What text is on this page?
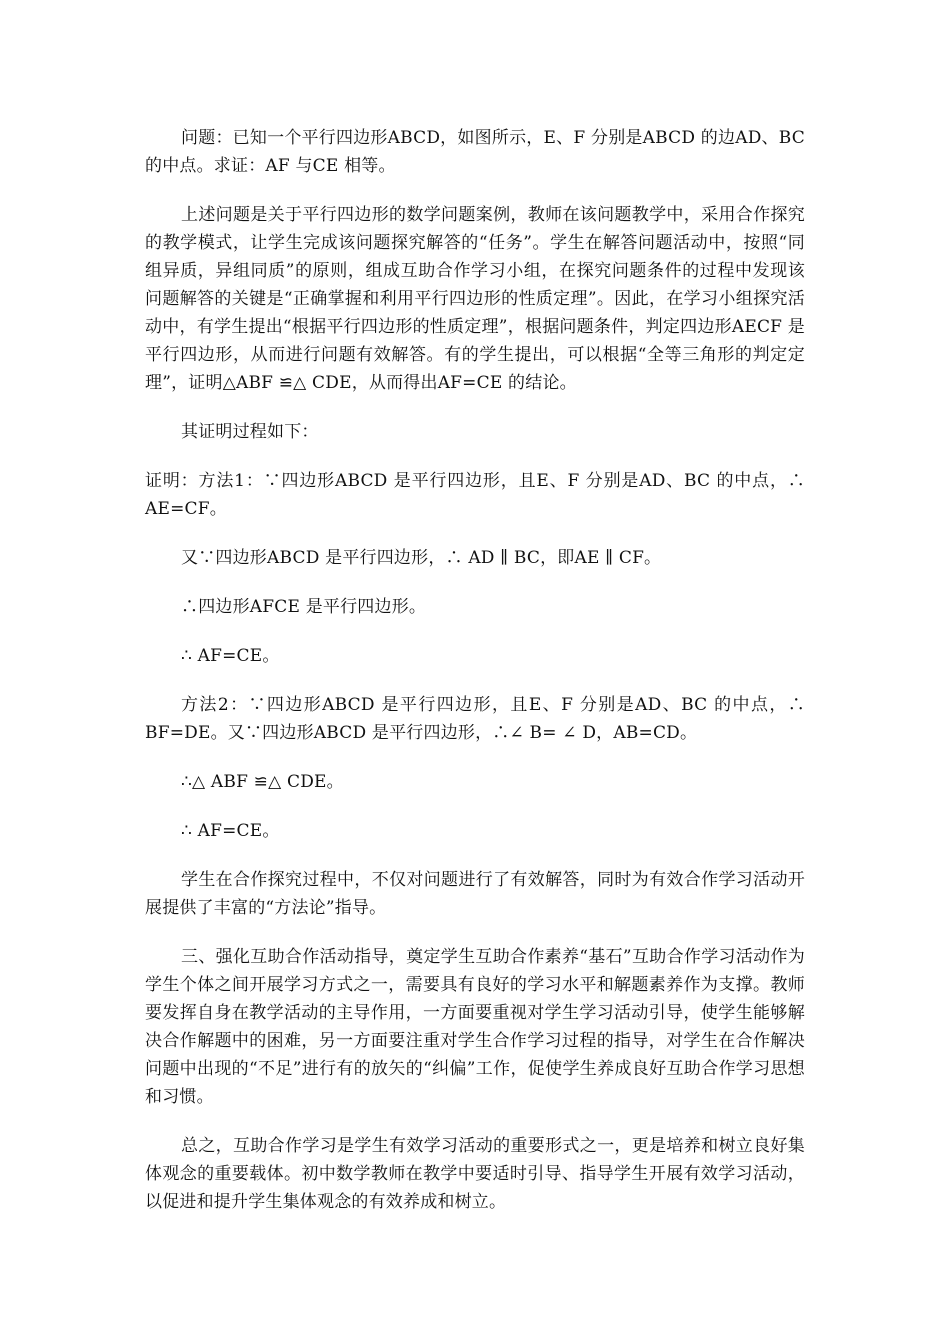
问题：已知一个平行四边形ABCD，如图所示，E、F 分别是ABCD 的边AD、BC 的中点。求证：AF 与CE 相等。

上述问题是关于平行四边形的数学问题案例，教师在该问题教学中，采用合作探究的教学模式，让学生完成该问题探究解答的“任务”。学生在解答问题活动中，按照“同组异质，异组同质”的原则，组成互助合作学习小组，在探究问题条件的过程中发现该问题解答的关键是“正确掌握和利用平行四边形的性质定理”。因此，在学习小组探究活动中，有学生提出“根据平行四边形的性质定理”，根据问题条件，判定四边形AECF 是平行四边形，从而进行问题有效解答。有的学生提出，可以根据“全等三角形的判定定理”，证明△ABF ≌△ CDE，从而得出AF=CE 的结论。

其证明过程如下：

证明：方法1：∵四边形ABCD 是平行四边形，且E、F 分别是AD、BC 的中点，∴ AE=CF。

又∵四边形ABCD 是平行四边形，∴ AD ∥ BC，即AE ∥ CF。

∴四边形AFCE 是平行四边形。

∴ AF=CE。

方法2：∵四边形ABCD 是平行四边形，且E、F 分别是AD、BC 的中点，∴ BF=DE。又∵四边形ABCD 是平行四边形，∴∠ B= ∠ D，AB=CD。

∴△ ABF ≌△ CDE。

∴ AF=CE。

学生在合作探究过程中，不仅对问题进行了有效解答，同时为有效合作学习活动开展提供了丰富的“方法论”指导。

三、强化互助合作活动指导，奠定学生互助合作素养“基石”互助合作学习活动作为学生个体之间开展学习方式之一，需要具有良好的学习水平和解题素养作为支撑。教师要发挥自身在教学活动的主导作用，一方面要重视对学生学习活动引导，使学生能够解决合作解题中的困难，另一方面要注重对学生合作学习过程的指导，对学生在合作解决问题中出现的“不足”进行有的放矢的“纠偏”工作，促使学生养成良好互助合作学习思想和习惯。

总之，互助合作学习是学生有效学习活动的重要形式之一，更是培养和树立良好集体观念的重要载体。初中数学教师在教学中要适时引导、指导学生开展有效学习活动，以促进和提升学生集体观念的有效养成和树立。
